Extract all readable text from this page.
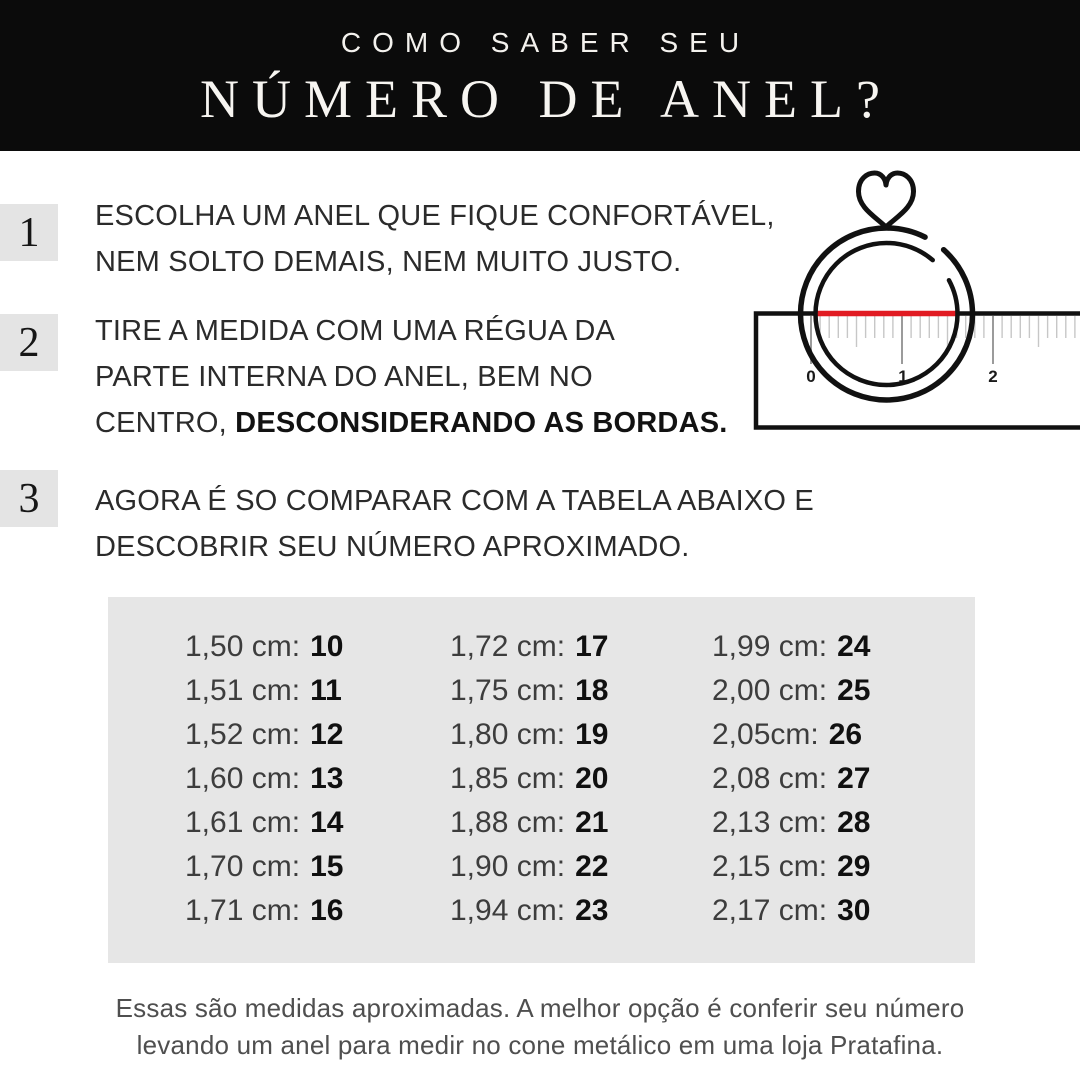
COMO SABER SEU
NÚMERO DE ANEL?
1
2
3
ESCOLHA UM ANEL QUE FIQUE CONFORTÁVEL,
NEM SOLTO DEMAIS, NEM MUITO JUSTO.
TIRE A MEDIDA COM UMA RÉGUA DA
PARTE INTERNA DO ANEL, BEM NO
CENTRO, DESCONSIDERANDO AS BORDAS.
AGORA É SO COMPARAR COM A TABELA ABAIXO E
DESCOBRIR SEU NÚMERO APROXIMADO.
0	1	2
1,50 cm: 10
1,51 cm: 11
1,52 cm: 12
1,60 cm: 13
1,61 cm: 14
1,70 cm: 15
1,71 cm: 16
1,72 cm: 17
1,75 cm: 18
1,80 cm: 19
1,85 cm: 20
1,88 cm: 21
1,90 cm: 22
1,94 cm: 23
1,99 cm: 24
2,00 cm: 25
2,05cm: 26
2,08 cm: 27
2,13 cm: 28
2,15 cm: 29
2,17 cm: 30
Essas são medidas aproximadas. A melhor opção é conferir seu número
levando um anel para medir no cone metálico em uma loja Pratafina.
